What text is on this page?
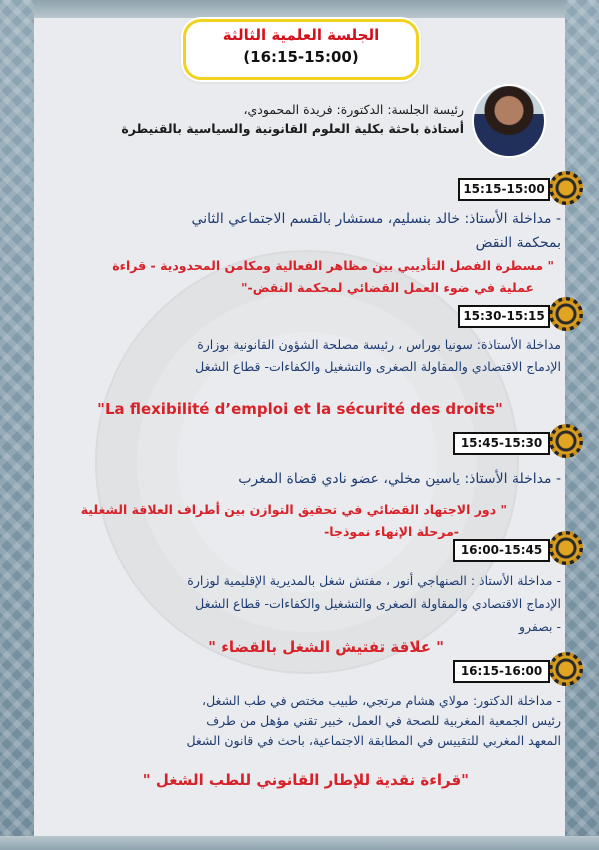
الجلسة العلمية الثالثة
(16:15-15:00)
رئيسة الجلسة: الدكتورة: فريدة المحمودي،
أستاذة باحثة بكلية العلوم القانونية والسياسية بالقنيطرة
15:15-15:00

- مداخلة الأستاذ: خالد بنسليم، مستشار بالقسم الاجتماعي الثاني

بمحكمة النقض

" مسطرة الفصل التأديبي بين مظاهر الفعالية ومكامن المحدودية - قراءة

عملية في ضوء العمل القضائي لمحكمة النقض-"

15:30-15:15

مداخلة الأستاذة: سونيا بوراس ، رئيسة مصلحة الشؤون القانونية بوزارة

الإدماج الاقتصادي والمقاولة الصغرى والتشغيل والكفاءات- قطاع الشغل

"La flexibilité d’emploi et la sécurité des droits"

15:45-15:30

- مداخلة الأستاذ: ياسين مخلي، عضو نادي قضاة المغرب

" دور الاجتهاد القضائي في تحقيق التوازن بين أطراف العلاقة الشغلية

-مرحلة الإنهاء نموذجا-

16:00-15:45

- مداخلة الأستاذ : الصنهاجي أنور ، مفتش شغل بالمديرية الإقليمية لوزارة

الإدماج الاقتصادي والمقاولة الصغرى والتشغيل والكفاءات- قطاع الشغل

- بصفرو

" علاقة تفتيش الشغل بالقضاء "

16:15-16:00

- مداخلة الدكتور: مولاي هشام مرتجي، طبيب مختص في طب الشغل،

رئيس الجمعية المغربية للصحة في العمل، خبير تقني مؤهل من طرف

المعهد المغربي للتقييس في المطابقة الاجتماعية، باحث في قانون الشغل

"قراءة نقدية للإطار القانوني للطب الشغل "
